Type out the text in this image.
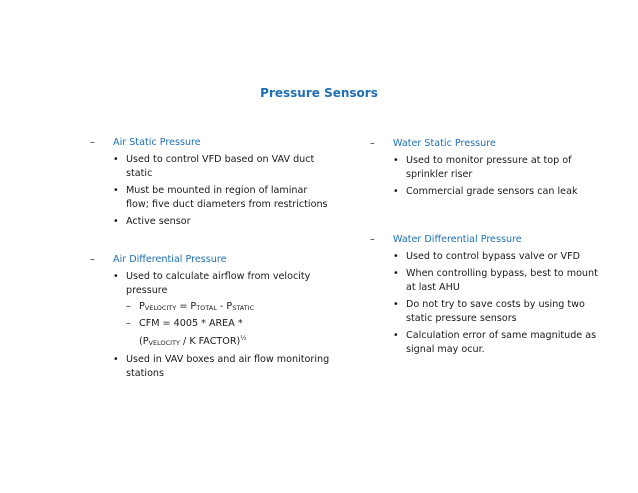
Pressure Sensors
– Air Static Pressure
• Used to control VFD based on VAV duct static
• Must be mounted in region of laminar flow; five duct diameters from restrictions
• Active sensor
– Air Differential Pressure
• Used to calculate airflow from velocity pressure
– PVELOCITY = PTOTAL - PSTATIC
– CFM = 4005 * AREA *
(PVELOCITY / K FACTOR)$^{\frac{1}{2}}$
• Used in VAV boxes and air flow monitoring stations
– Water Static Pressure
• Used to monitor pressure at top of sprinkler riser
• Commercial grade sensors can leak
– Water Differential Pressure
• Used to control bypass valve or VFD
• When controlling bypass, best to mount at last AHU
• Do not try to save costs by using two static pressure sensors
• Calculation error of same magnitude as signal may ocur.
